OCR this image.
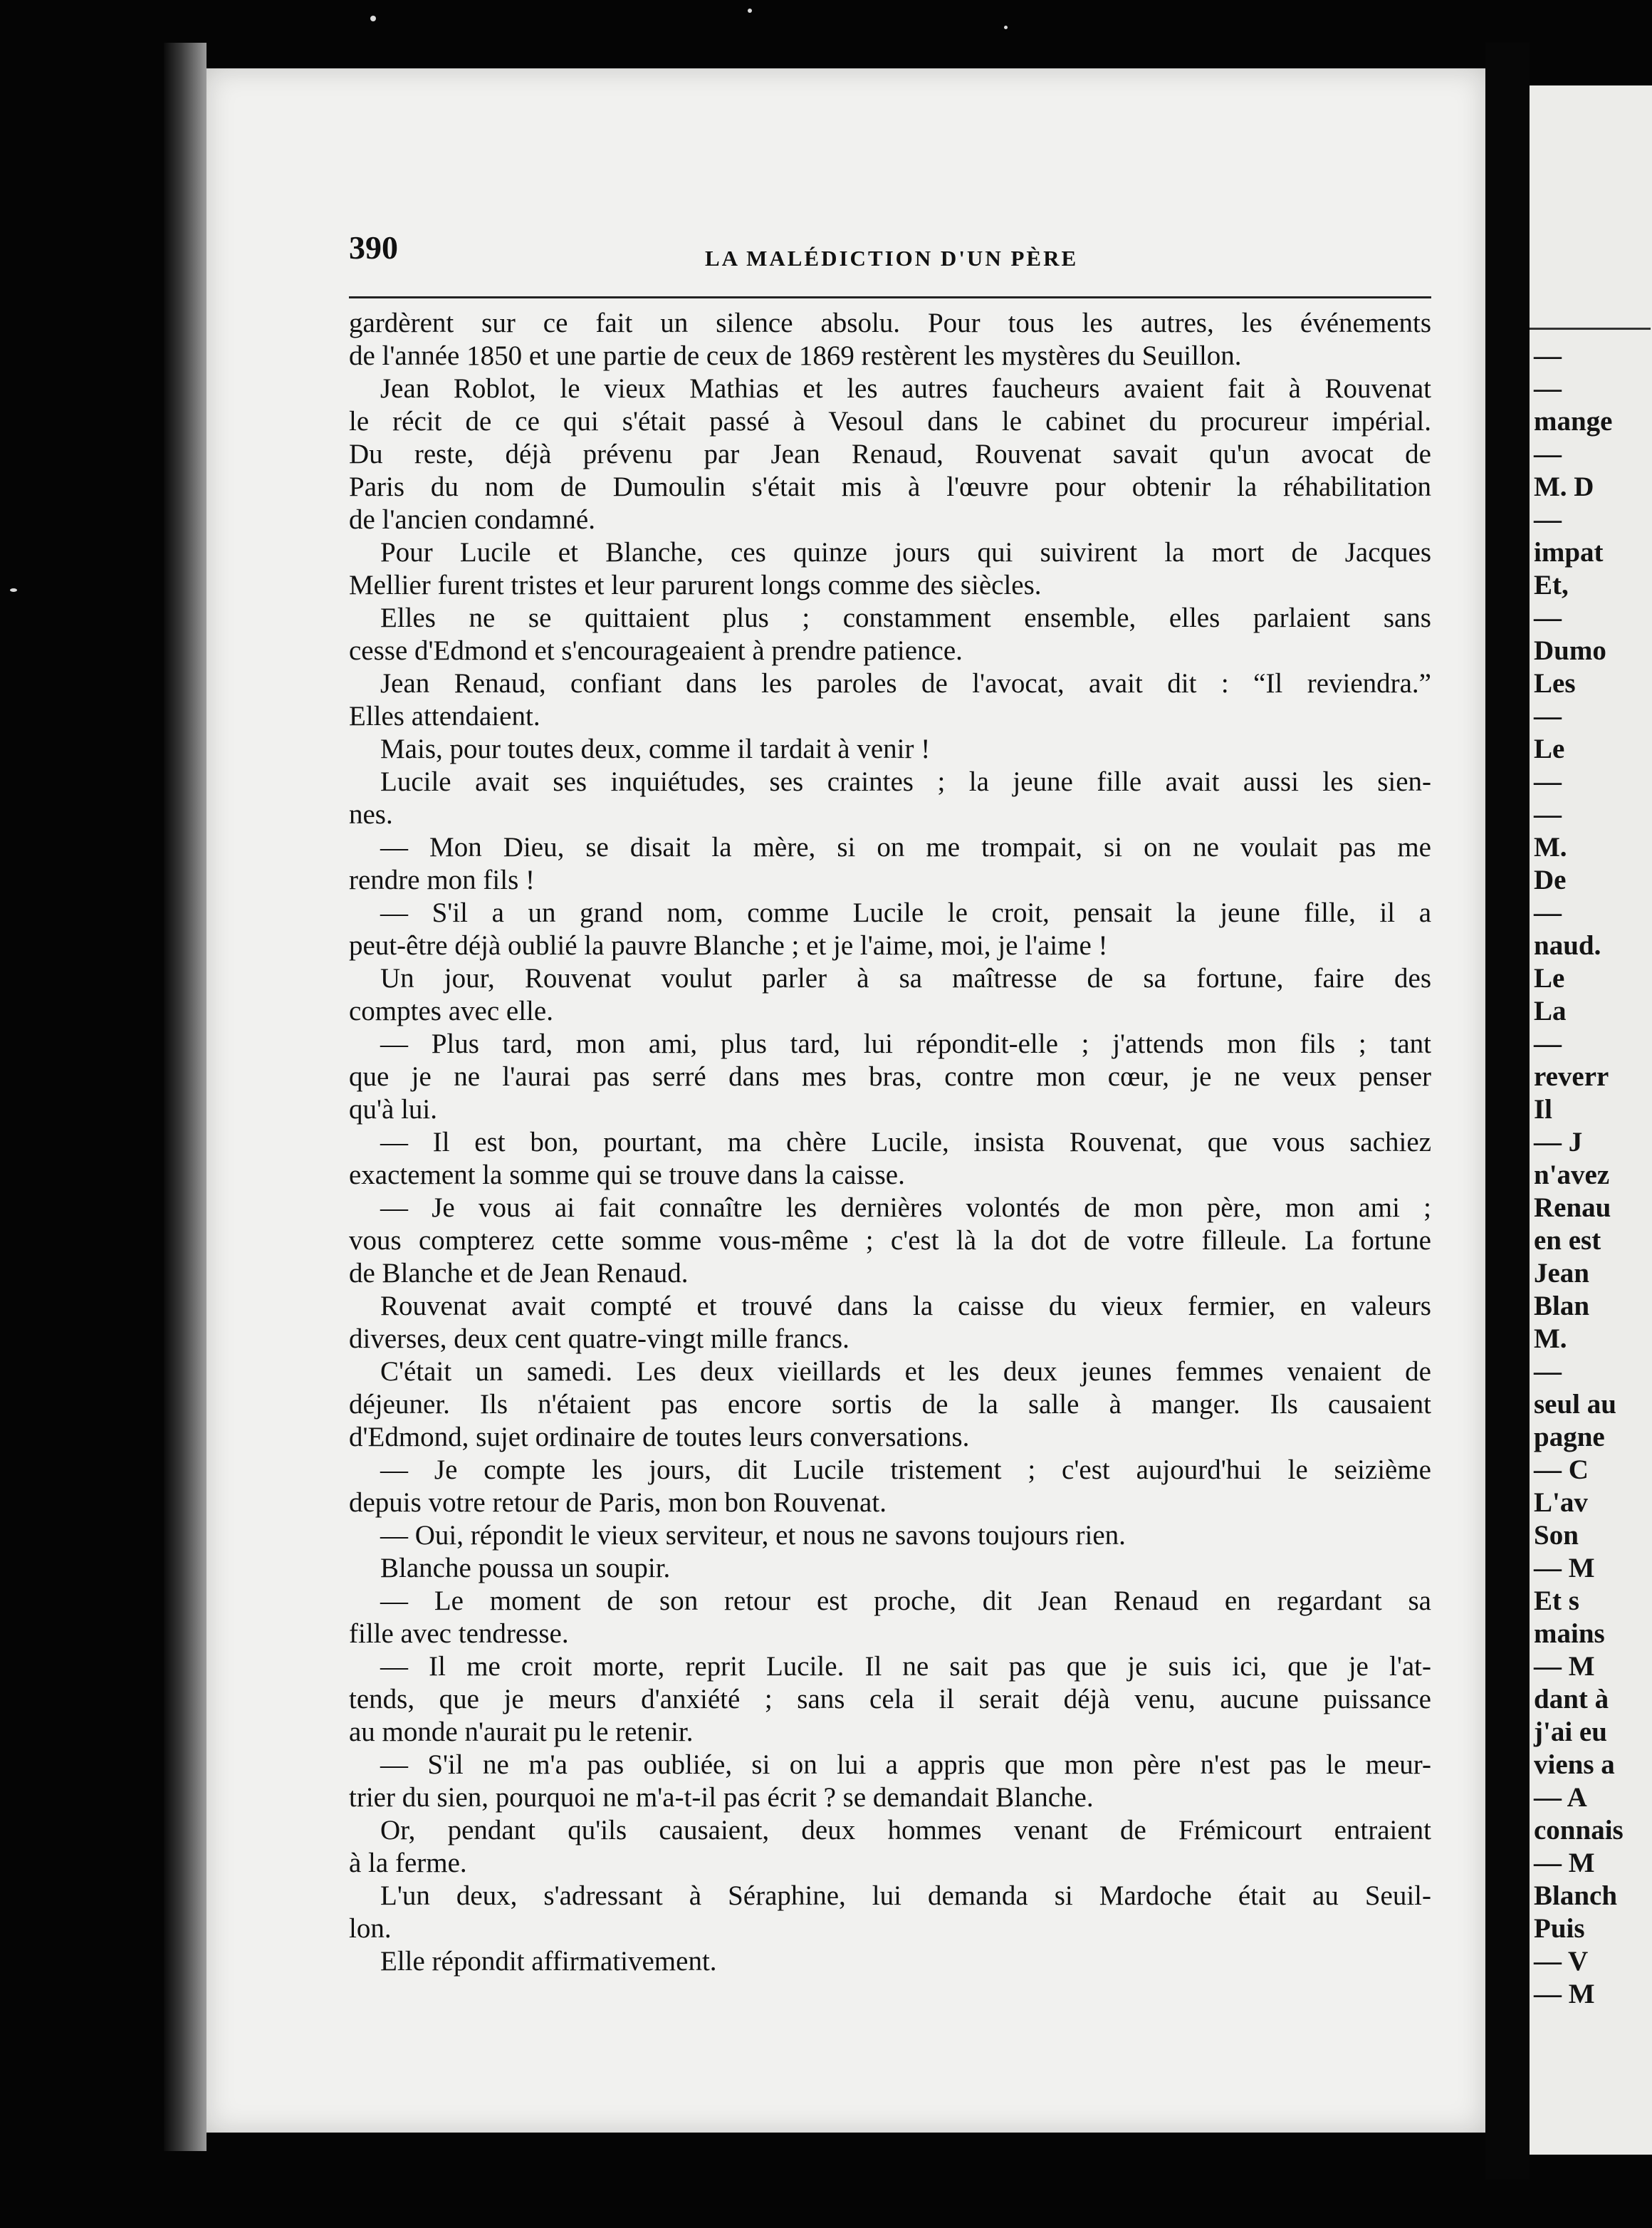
390	LA MALÉDICTION D'UN PÈRE
gardèrent sur ce fait un silence absolu. Pour tous les autres, les événements
de l'année 1850 et une partie de ceux de 1869 restèrent les mystères du Seuillon.
Jean Roblot, le vieux Mathias et les autres faucheurs avaient fait à Rouvenat
le récit de ce qui s'était passé à Vesoul dans le cabinet du procureur impérial.
Du reste, déjà prévenu par Jean Renaud, Rouvenat savait qu'un avocat de
Paris du nom de Dumoulin s'était mis à l'œuvre pour obtenir la réhabilitation
de l'ancien condamné.
Pour Lucile et Blanche, ces quinze jours qui suivirent la mort de Jacques
Mellier furent tristes et leur parurent longs comme des siècles.
Elles ne se quittaient plus ; constamment ensemble, elles parlaient sans
cesse d'Edmond et s'encourageaient à prendre patience.
Jean Renaud, confiant dans les paroles de l'avocat, avait dit : “Il reviendra.”
Elles attendaient.
Mais, pour toutes deux, comme il tardait à venir !
Lucile avait ses inquiétudes, ses craintes ; la jeune fille avait aussi les sien-
nes.
— Mon Dieu, se disait la mère, si on me trompait, si on ne voulait pas me
rendre mon fils !
— S'il a un grand nom, comme Lucile le croit, pensait la jeune fille, il a
peut-être déjà oublié la pauvre Blanche ; et je l'aime, moi, je l'aime !
Un jour, Rouvenat voulut parler à sa maîtresse de sa fortune, faire des
comptes avec elle.
— Plus tard, mon ami, plus tard, lui répondit-elle ; j'attends mon fils ; tant
que je ne l'aurai pas serré dans mes bras, contre mon cœur, je ne veux penser
qu'à lui.
— Il est bon, pourtant, ma chère Lucile, insista Rouvenat, que vous sachiez
exactement la somme qui se trouve dans la caisse.
— Je vous ai fait connaître les dernières volontés de mon père, mon ami ;
vous compterez cette somme vous-même ; c'est là la dot de votre filleule. La fortune
de Blanche et de Jean Renaud.
Rouvenat avait compté et trouvé dans la caisse du vieux fermier, en valeurs
diverses, deux cent quatre-vingt mille francs.
C'était un samedi. Les deux vieillards et les deux jeunes femmes venaient de
déjeuner. Ils n'étaient pas encore sortis de la salle à manger. Ils causaient
d'Edmond, sujet ordinaire de toutes leurs conversations.
— Je compte les jours, dit Lucile tristement ; c'est aujourd'hui le seizième
depuis votre retour de Paris, mon bon Rouvenat.
— Oui, répondit le vieux serviteur, et nous ne savons toujours rien.
Blanche poussa un soupir.
— Le moment de son retour est proche, dit Jean Renaud en regardant sa
fille avec tendresse.
— Il me croit morte, reprit Lucile. Il ne sait pas que je suis ici, que je l'at-
tends, que je meurs d'anxiété ; sans cela il serait déjà venu, aucune puissance
au monde n'aurait pu le retenir.
— S'il ne m'a pas oubliée, si on lui a appris que mon père n'est pas le meur-
trier du sien, pourquoi ne m'a-t-il pas écrit ? se demandait Blanche.
Or, pendant qu'ils causaient, deux hommes venant de Frémicourt entraient
à la ferme.
L'un deux, s'adressant à Séraphine, lui demanda si Mardoche était au Seuil-
lon.
Elle répondit affirmativement.
—
—
mange
—
M. D
—
impat
Et,
—
Dumo
Les
—
Le
—
—
M.
De
—
naud.
Le
La
—
reverr
Il
— J
n'avez
Renau
en est
Jean
Blan
M.
—
seul au
pagne
— C
L'av
Son
— M
Et s
mains
— M
dant à
j'ai eu
viens a
— A
connais
— M
Blanch
Puis
— V
— M
